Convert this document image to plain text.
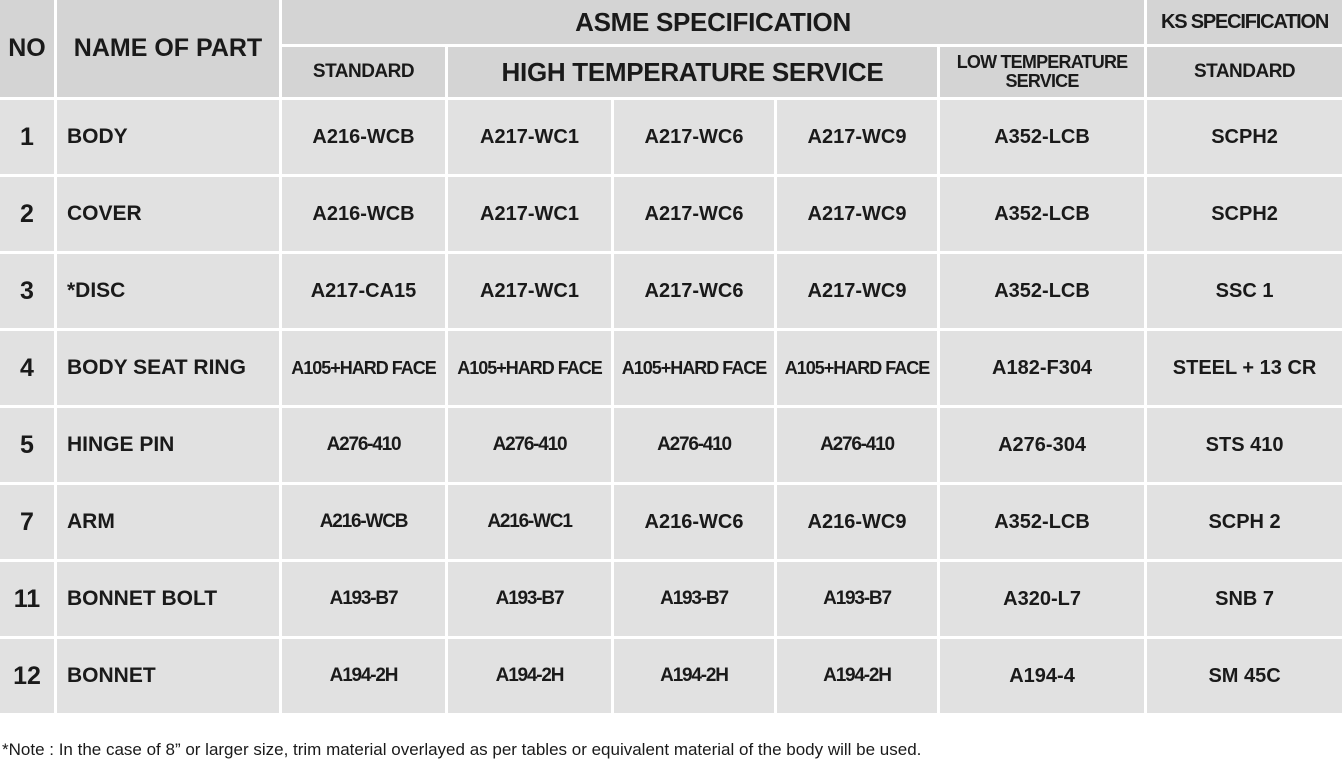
NO	NAME OF PART	ASME SPECIFICATION					KS SPECIFICATION
		STANDARD	HIGH TEMPERATURE SERVICE			LOW TEMPERATURE SERVICE	STANDARD
1	BODY	A216-WCB	A217-WC1	A217-WC6	A217-WC9	A352-LCB	SCPH2
2	COVER	A216-WCB	A217-WC1	A217-WC6	A217-WC9	A352-LCB	SCPH2
3	*DISC	A217-CA15	A217-WC1	A217-WC6	A217-WC9	A352-LCB	SSC 1
4	BODY SEAT RING	A105+HARD FACE	A105+HARD FACE	A105+HARD FACE	A105+HARD FACE	A182-F304	STEEL + 13 CR
5	HINGE PIN	A276-410	A276-410	A276-410	A276-410	A276-304	STS 410
7	ARM	A216-WCB	A216-WC1	A216-WC6	A216-WC9	A352-LCB	SCPH 2
11	BONNET BOLT	A193-B7	A193-B7	A193-B7	A193-B7	A320-L7	SNB 7
12	BONNET	A194-2H	A194-2H	A194-2H	A194-2H	A194-4	SM 45C
*Note : In the case of 8” or larger size, trim material overlayed as per tables or equivalent material of the body will be used.
